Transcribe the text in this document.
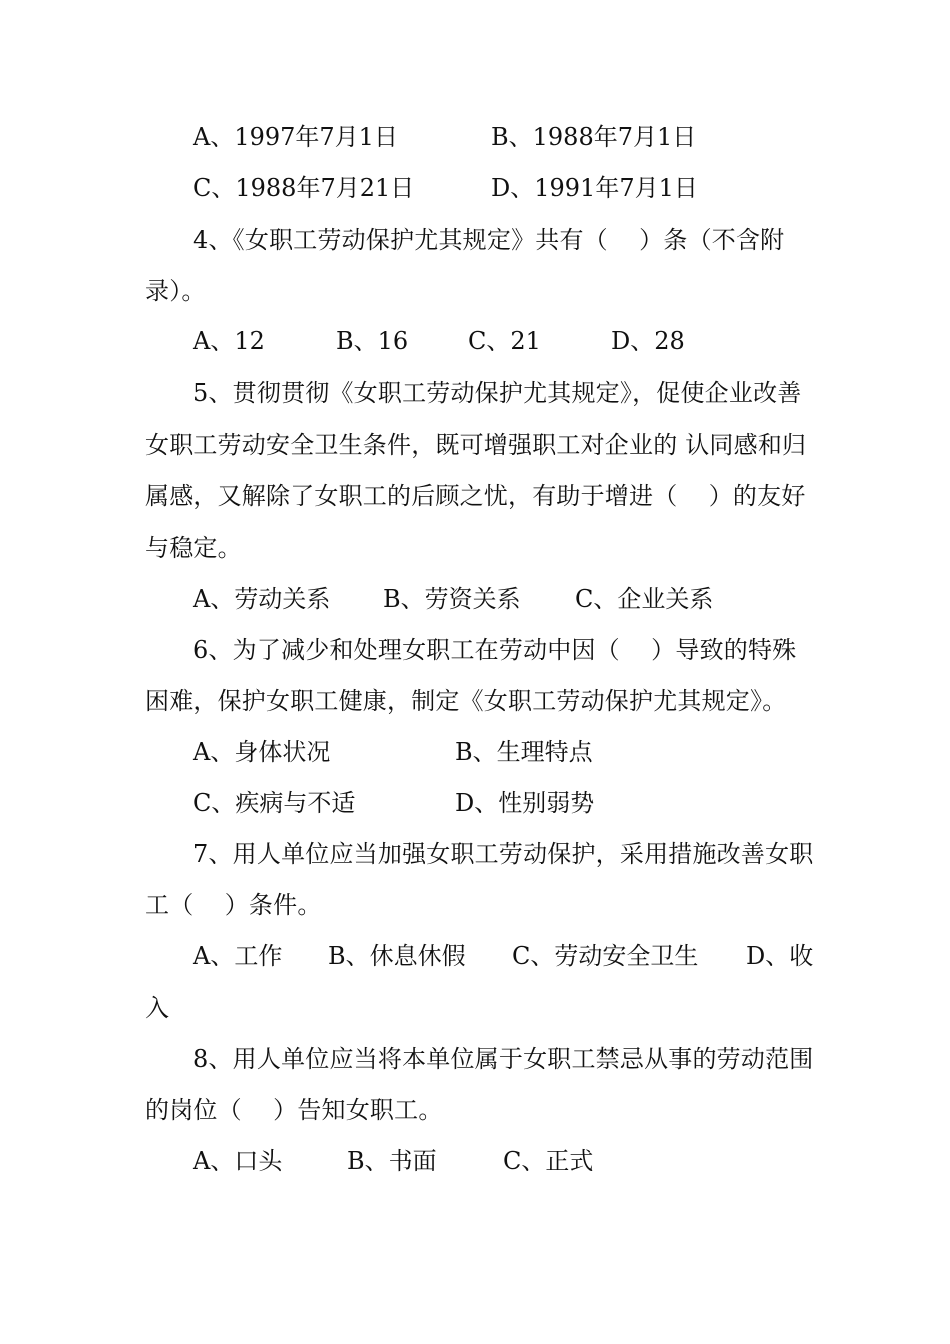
A、1997年7月1日	B、1988年7月1日
C、1988年7月21日	D、1991年7月1日
4、《女职工劳动保护尤其规定》共有（    ）条（不含附
录）。
A、12	B、16 C、21	D、28
5、贯彻贯彻《女职工劳动保护尤其规定》，促使企业改善
女职工劳动安全卫生条件，既可增强职工对企业的 认同感和归
属感，又解除了女职工的后顾之忧，有助于增进（    ）的友好
与稳定。
A、劳动关系 B、劳资关系 C、企业关系
6、为了减少和处理女职工在劳动中因（    ）导致的特殊
困难，保护女职工健康，制定《女职工劳动保护尤其规定》。
A、身体状况	B、生理特点
C、疾病与不适	D、性别弱势
7、用人单位应当加强女职工劳动保护，采用措施改善女职
工（    ）条件。
A、工作 B、休息休假 C、劳动安全卫生 D、收
入
8、用人单位应当将本单位属于女职工禁忌从事的劳动范围
的岗位（    ）告知女职工。
A、口头	B、书面	C、正式
